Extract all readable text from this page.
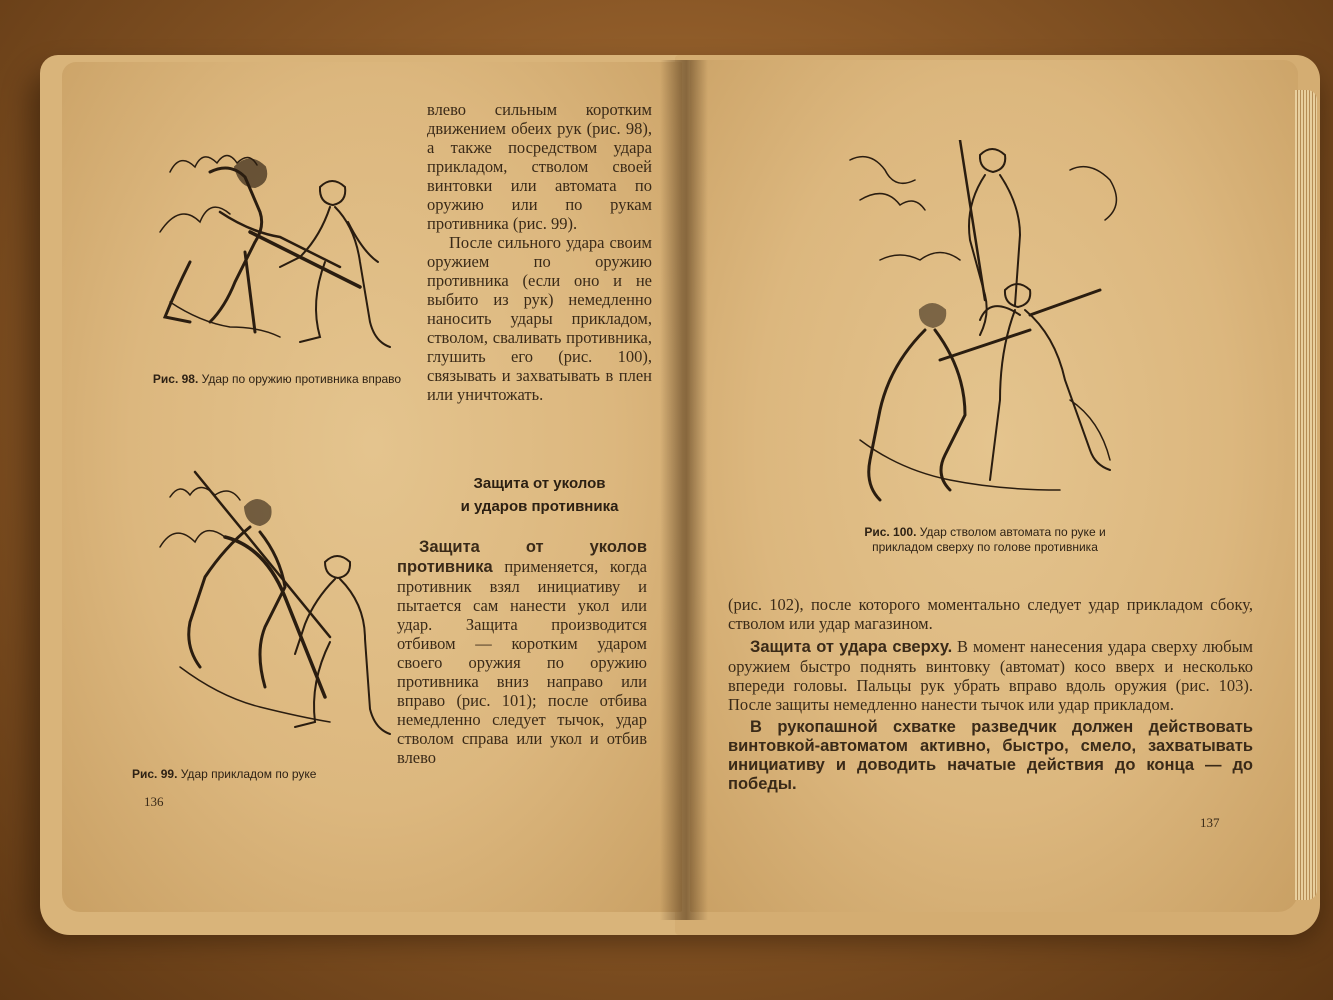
Рис. 98. Удар по оружию противника вправо

влево сильным коротким движением обеих рук (рис. 98), а также посредством удара прикладом, стволом своей винтовки или автомата по оружию или по рукам противника (рис. 99).

После сильного удара своим оружием по оружию противника (если оно и не выбито из рук) немедленно наносить удары прикладом, стволом, сваливать противника, глушить его (рис. 100), связывать и захватывать в плен или уничтожать.

Защита от уколов
и ударов противника
Рис. 99. Удар прикладом по руке

Защита от уколов противника применяется, когда противник взял инициативу и пытается сам нанести укол или удар. Защита производится отбивом — коротким ударом своего оружия по оружию противника вниз направо или вправо (рис. 101); после отбива немедленно следует тычок, удар стволом справа или укол и отбив влево

136
Рис. 100. Удар стволом автомата по руке и прикладом сверху по голове противника

(рис. 102), после которого моментально следует удар прикладом сбоку, стволом или удар магазином.

Защита от удара сверху. В момент нанесения удара сверху любым оружием быстро поднять винтовку (автомат) косо вверх и несколько впереди головы. Пальцы рук убрать вправо вдоль оружия (рис. 103). После защиты немедленно нанести тычок или удар прикладом.

В рукопашной схватке разведчик должен действовать винтовкой-автоматом активно, быстро, смело, захватывать инициативу и доводить начатые действия до конца — до победы.

137
